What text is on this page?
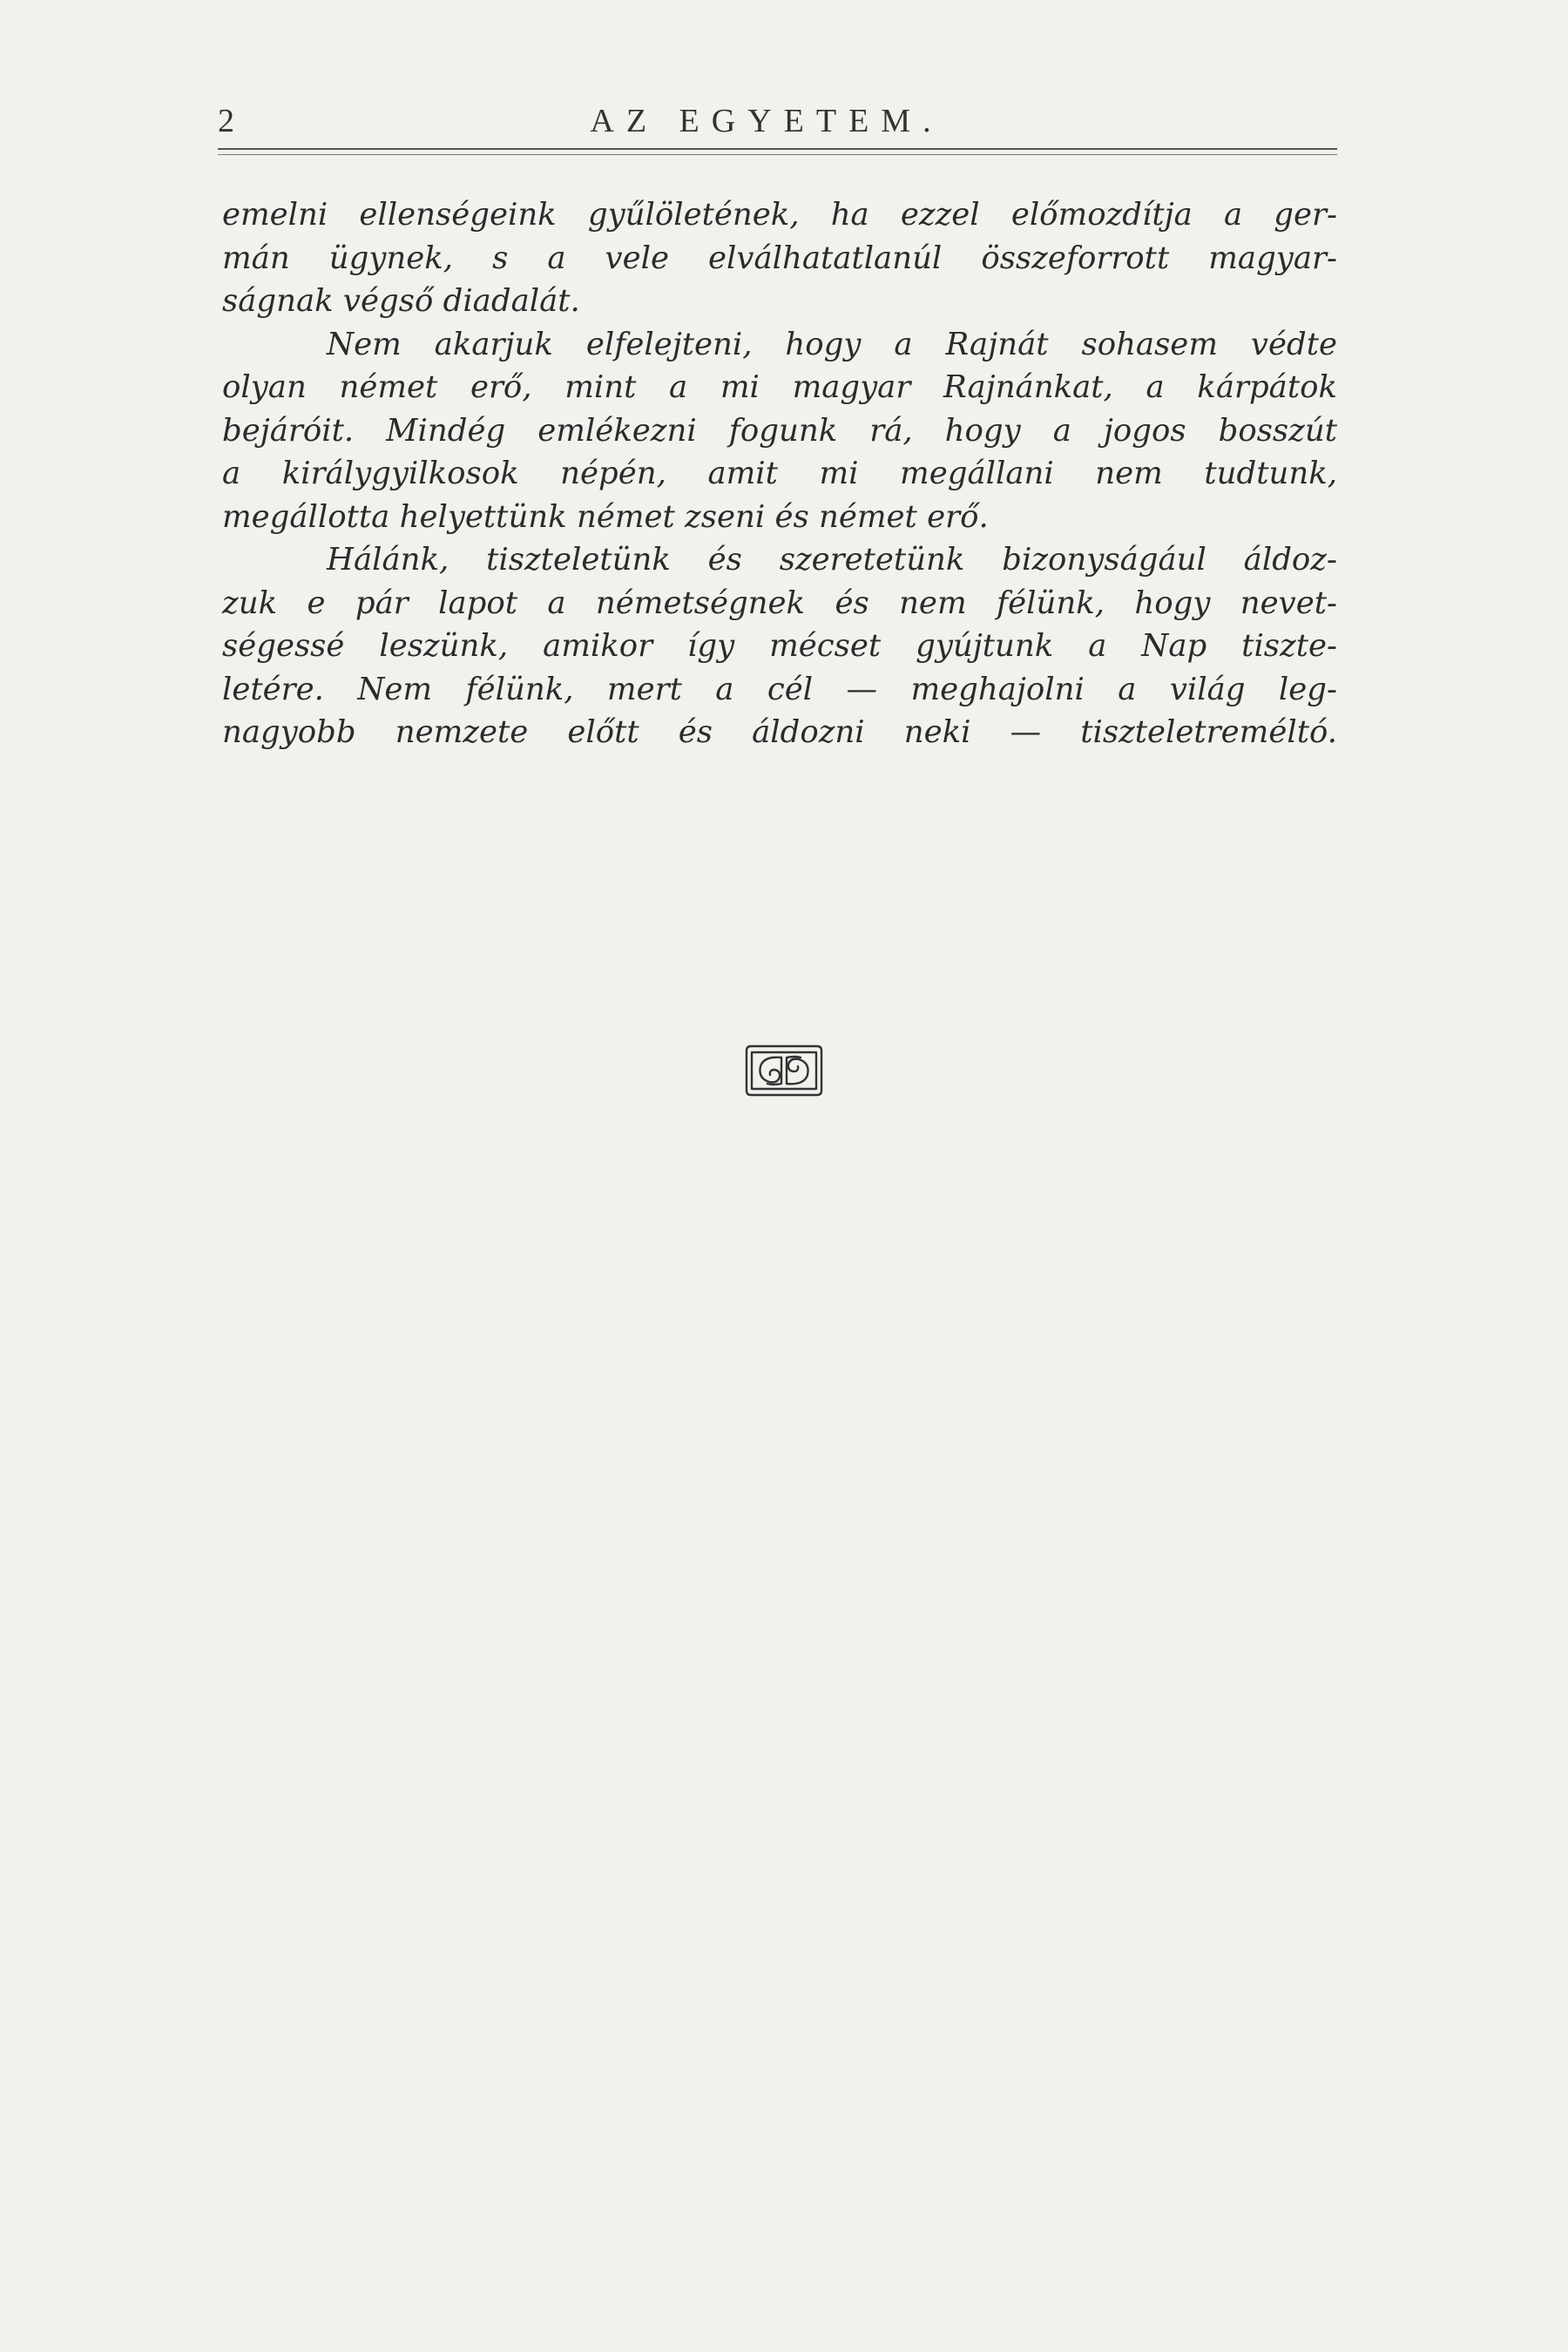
2	AZ EGYETEM.
emelni ellenségeink gyűlöletének, ha ezzel előmozdítja a ger-
mán ügynek, s a vele elválhatatlanúl összeforrott magyar-
ságnak végső diadalát.
Nem akarjuk elfelejteni, hogy a Rajnát sohasem védte
olyan német erő, mint a mi magyar Rajnánkat, a kárpátok
bejáróit. Mindég emlékezni fogunk rá, hogy a jogos bosszút
a királygyilkosok népén, amit mi megállani nem tudtunk,
megállotta helyettünk német zseni és német erő.
Hálánk, tiszteletünk és szeretetünk bizonyságául áldoz-
zuk e pár lapot a németségnek és nem félünk, hogy nevet-
ségessé leszünk, amikor így mécset gyújtunk a Nap tiszte-
letére. Nem félünk, mert a cél — meghajolni a világ leg-
nagyobb nemzete előtt és áldozni neki — tiszteletreméltó.
